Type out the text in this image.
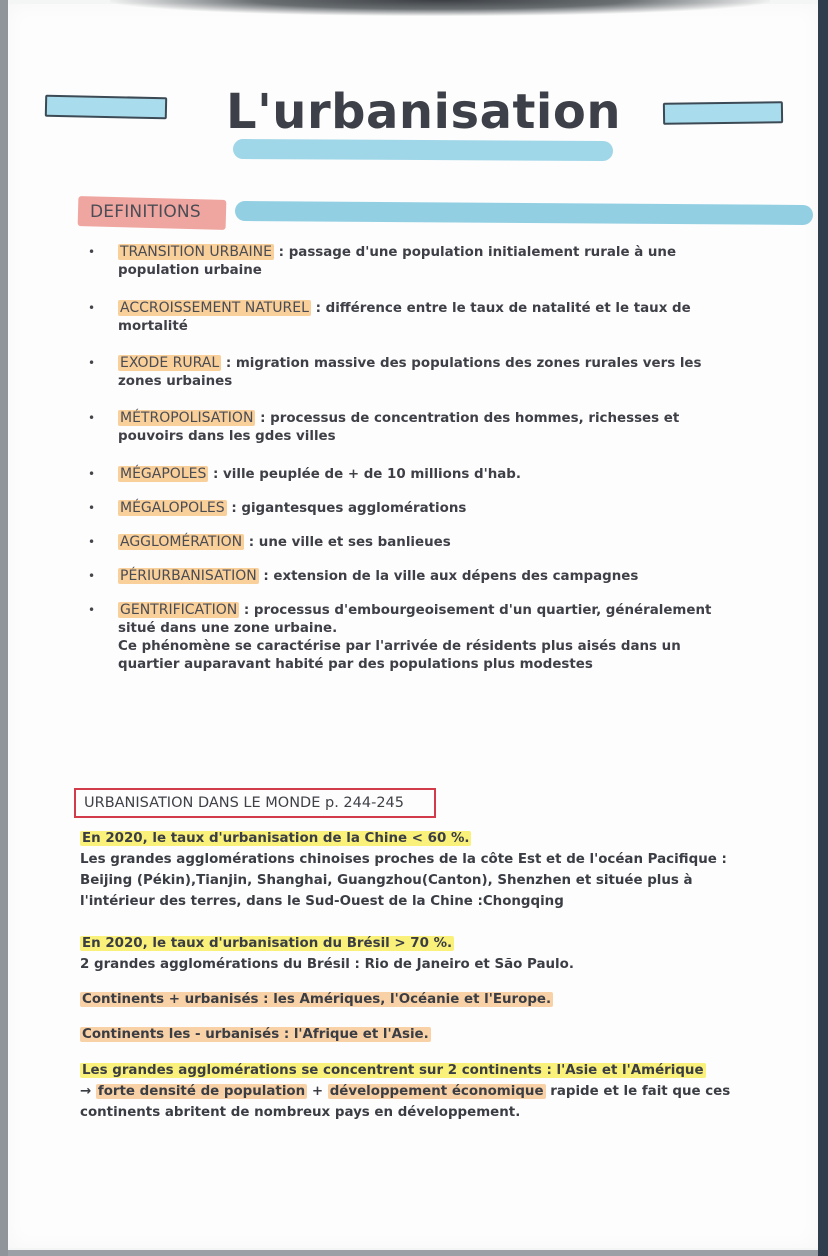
L'urbanisation
DEFINITIONS
• TRANSITION URBAINE : passage d'une population initialement rurale à une
population urbaine
• ACCROISSEMENT NATUREL : différence entre le taux de natalité et le taux de
mortalité
• EXODE RURAL : migration massive des populations des zones rurales vers les
zones urbaines
• MÉTROPOLISATION : processus de concentration des hommes, richesses et
pouvoirs dans les gdes villes
• MÉGAPOLES : ville peuplée de + de 10 millions d'hab.
• MÉGALOPOLES : gigantesques agglomérations
• AGGLOMÉRATION : une ville et ses banlieues
• PÉRIURBANISATION : extension de la ville aux dépens des campagnes
• GENTRIFICATION : processus d'embourgeoisement d'un quartier, généralement
situé dans une zone urbaine.
Ce phénomène se caractérise par l'arrivée de résidents plus aisés dans un
quartier auparavant habité par des populations plus modestes
URBANISATION DANS LE MONDE p. 244-245
En 2020, le taux d'urbanisation de la Chine < 60 %.
Les grandes agglomérations chinoises proches de la côte Est et de l'océan Pacifique :
Beijing (Pékin),Tianjin, Shanghai, Guangzhou(Canton), Shenzhen et située plus à
l'intérieur des terres, dans le Sud-Ouest de la Chine :Chongqing
En 2020, le taux d'urbanisation du Brésil > 70 %.
2 grandes agglomérations du Brésil : Rio de Janeiro et São Paulo.
Continents + urbanisés : les Amériques, l'Océanie et l'Europe.
Continents les - urbanisés : l'Afrique et l'Asie.
Les grandes agglomérations se concentrent sur 2 continents : l'Asie et l'Amérique
→ forte densité de population + développement économique rapide et le fait que ces
continents abritent de nombreux pays en développement.
